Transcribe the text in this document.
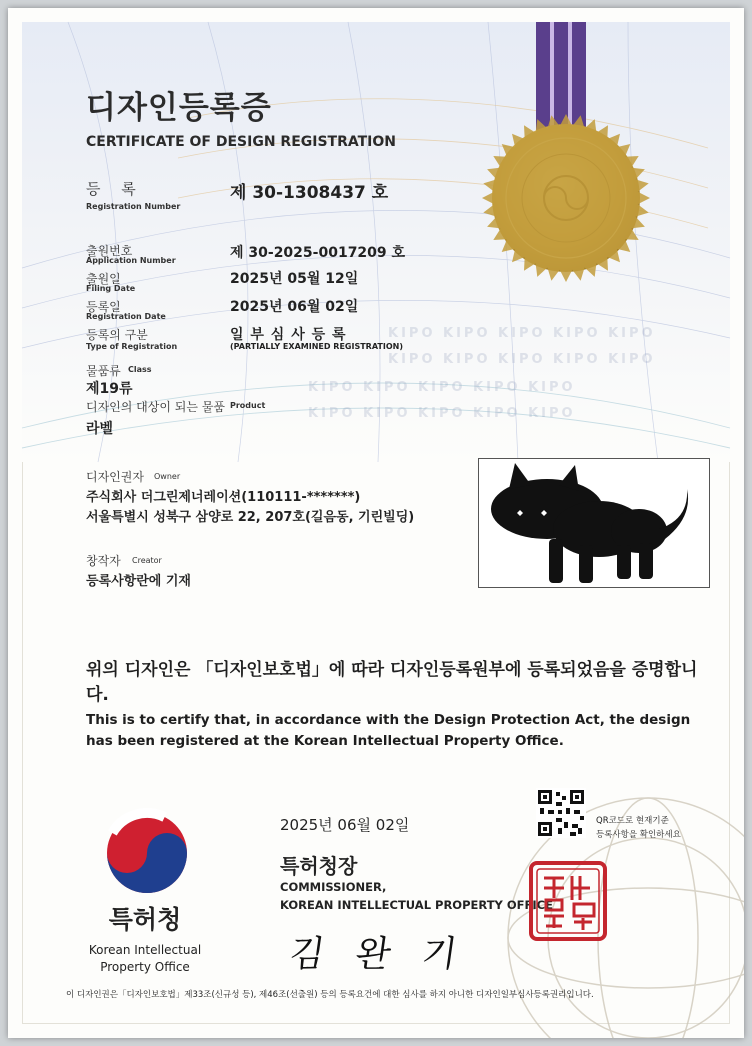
KIPO KIPO KIPO KIPO KIPO
KIPO KIPO KIPO KIPO KIPO
KIPO KIPO KIPO KIPO KIPO
KIPO KIPO KIPO KIPO KIPO
디자인등록증
CERTIFICATE OF DESIGN REGISTRATION
등 록
Registration Number
제 30-1308437 호
출원번호
Application Number	제 30-2025-0017209 호
출원일
Filing Date
2025년 05월 12일
등록일
Registration Date
2025년 06월 02일
등록의 구분
Type of Registration
일 부 심 사 등 록
(PARTIALLY EXAMINED REGISTRATION)
물품류 Class
제19류
디자인의 대상이 되는 물품 Product
라벨
디자인권자 Owner
주식회사 더그린제너레이션(110111-*******)
서울특별시 성북구 삼양로 22, 207호(길음동, 기린빌딩)
창작자 Creator
등록사항란에 기재
위의 디자인은 「디자인보호법」에 따라 디자인등록원부에 등록되었음을 증명합니다.
This is to certify that, in accordance with the Design Protection Act, the design has been registered at the Korean Intellectual Property Office.
특허청
Korean Intellectual
Property Office
2025년 06월 02일
특허청장
COMMISSIONER,
KOREAN INTELLECTUAL PROPERTY OFFICE
김 완 기
QR코드로 현재기준
등록사항을 확인하세요
이 디자인권은「디자인보호법」제33조(신규성 등), 제46조(선출원) 등의 등록요건에 대한 심사를 하지 아니한 디자인일부심사등록권리입니다.
